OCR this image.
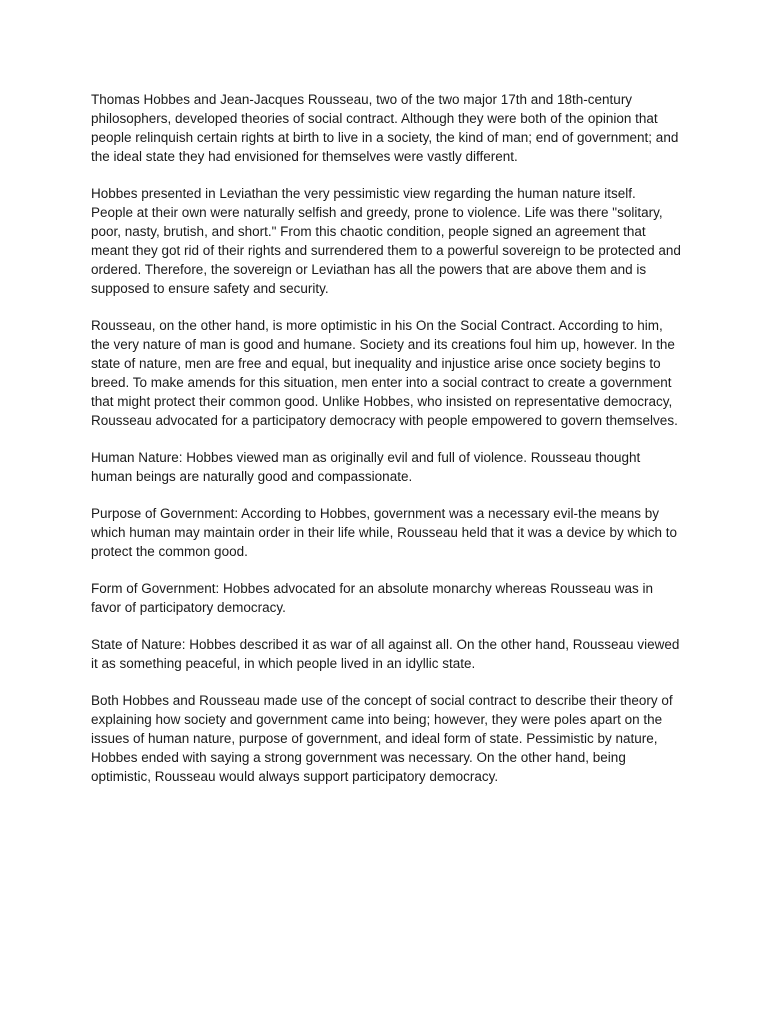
Thomas Hobbes and Jean-Jacques Rousseau, two of the two major 17th and 18th-century philosophers, developed theories of social contract. Although they were both of the opinion that people relinquish certain rights at birth to live in a society, the kind of man; end of government; and the ideal state they had envisioned for themselves were vastly different.

Hobbes presented in Leviathan the very pessimistic view regarding the human nature itself. People at their own were naturally selfish and greedy, prone to violence. Life was there "solitary, poor, nasty, brutish, and short." From this chaotic condition, people signed an agreement that meant they got rid of their rights and surrendered them to a powerful sovereign to be protected and ordered. Therefore, the sovereign or Leviathan has all the powers that are above them and is supposed to ensure safety and security.

Rousseau, on the other hand, is more optimistic in his On the Social Contract. According to him, the very nature of man is good and humane. Society and its creations foul him up, however. In the state of nature, men are free and equal, but inequality and injustice arise once society begins to breed. To make amends for this situation, men enter into a social contract to create a government that might protect their common good. Unlike Hobbes, who insisted on representative democracy, Rousseau advocated for a participatory democracy with people empowered to govern themselves.

Human Nature: Hobbes viewed man as originally evil and full of violence. Rousseau thought human beings are naturally good and compassionate.

Purpose of Government: According to Hobbes, government was a necessary evil-the means by which human may maintain order in their life while, Rousseau held that it was a device by which to protect the common good.

Form of Government: Hobbes advocated for an absolute monarchy whereas Rousseau was in favor of participatory democracy.

State of Nature: Hobbes described it as war of all against all. On the other hand, Rousseau viewed it as something peaceful, in which people lived in an idyllic state.

Both Hobbes and Rousseau made use of the concept of social contract to describe their theory of explaining how society and government came into being; however, they were poles apart on the issues of human nature, purpose of government, and ideal form of state. Pessimistic by nature, Hobbes ended with saying a strong government was necessary. On the other hand, being optimistic, Rousseau would always support participatory democracy.
